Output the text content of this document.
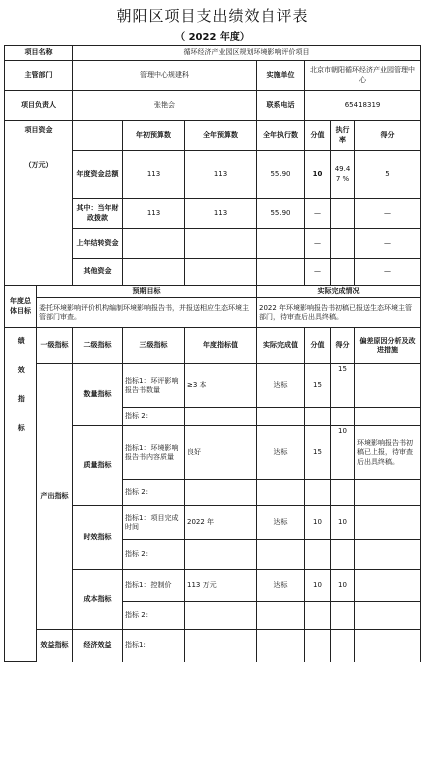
朝阳区项目支出绩效自评表
（ 2022 年度）
项目名称		循环经济产业园区规划环境影响评价项目						
主管部门		管理中心规建科			实施单位	北京市朝阳循环经济产业园管理中心		
项目负责人		张艳会			联系电话	65418319		

项目资金
（万元）			年初预算数	全年预算数	全年执行数	分值	执行率	得分
		年度资金总额	113	113	55.90	10	49.47 %	5
		其中：当年财政拨款	113	113	55.90	—		—
		上年结转资金				—		—
		其他资金				—		—
年度总体目标	预期目标				实际完成情况			
	委托环境影响评价机构编制环境影响报告书，并报送相应生态环境主管部门审查。				2022 年环境影响报告书初稿已报送生态环境主管部门，待审查后出具终稿。			

绩效指标	一级指标	二级指标	三级指标	年度指标值	实际完成值	分值	得分	偏差原因分析及改进措施
	产出指标	数量指标	指标1：环评影响报告书数量	≥3 本	达标	15	15	
			指标 2:					
		质量指标	指标1：环境影响报告书内容质量	良好	达标	15	10	环境影响报告书初稿已上报，待审查后出具终稿。
			指标 2:					
		时效指标	指标1：项目完成时间	2022 年	达标	10	10	
			指标 2:					
		成本指标	指标1：控制价	113 万元	达标	10	10	
			指标 2:					
	效益指标	经济效益	指标1:					
